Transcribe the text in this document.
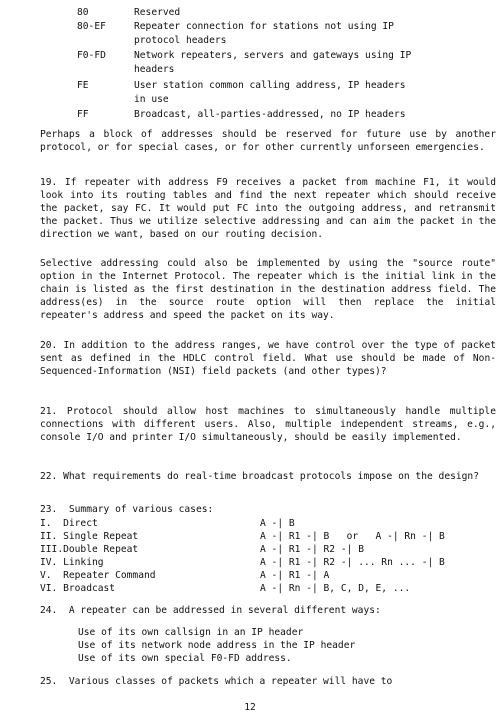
80	Reserved
80-EF	Repeater connection for stations not using IP
protocol headers
F0-FD	Network repeaters, servers and gateways using IP
headers
FE	User station common calling address, IP headers
in use
FF	Broadcast, all-parties-addressed, no IP headers

Perhaps a block of addresses should be reserved for future use by another protocol, or for special cases, or for other currently unforseen emergencies.

19. If repeater with address F9 receives a packet from machine F1, it would look into its routing tables and find the next repeater which should receive the packet, say FC. It would put FC into the outgoing address, and retransmit the packet. Thus we utilize selective addressing and can aim the packet in the direction we want, based on our routing decision.

Selective addressing could also be implemented by using the "source route" option in the Internet Protocol. The repeater which is the initial link in the chain is listed as the first destination in the destination address field. The address(es) in the source route option will then replace the initial repeater's address and speed the packet on its way.

20. In addition to the address ranges, we have control over the type of packet sent as defined in the HDLC control field. What use should be made of Non-Sequenced-Information (NSI) field packets (and other types)?

21. Protocol should allow host machines to simultaneously handle multiple connections with different users. Also, multiple independent streams, e.g., console I/O and printer I/O simultaneously, should be easily implemented.

22. What requirements do real-time broadcast protocols impose on the design?

23.  Summary of various cases:
I.  Direct	A -| B
II. Single Repeat	A -| R1 -| B   or   A -| Rn -| B
III.Double Repeat	A -| R1 -| R2 -| B
IV. Linking	A -| R1 -| R2 -| ... Rn ... -| B
V.  Repeater Command	A -| R1 -| A
VI. Broadcast	A -| Rn -| B, C, D, E, ...
24.  A repeater can be addressed in several different ways:
Use of its own callsign in an IP header
Use of its network node address in the IP header
Use of its own special F0-FD address.
25.  Various classes of packets which a repeater will have to
12
